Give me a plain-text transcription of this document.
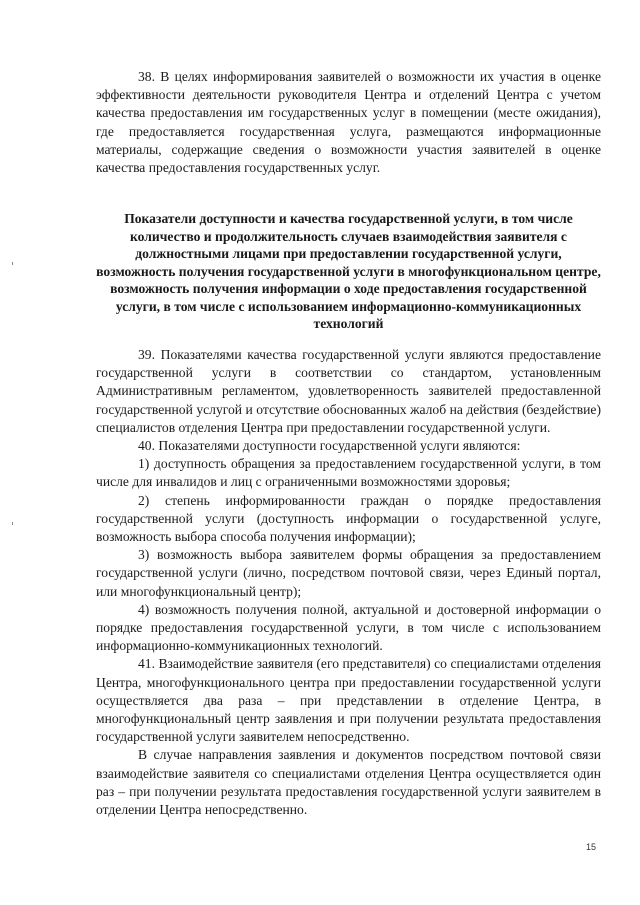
38. В целях информирования заявителей о возможности их участия в оценке эффективности деятельности руководителя Центра и отделений Центра с учетом качества предоставления им государственных услуг в помещении (месте ожидания), где предоставляется государственная услуга, размещаются информационные материалы, содержащие сведения о возможности участия заявителей в оценке качества предоставления государственных услуг.

Показатели доступности и качества государственной услуги, в том числе количество и продолжительность случаев взаимодействия заявителя с должностными лицами при предоставлении государственной услуги, возможность получения государственной услуги в многофункциональном центре, возможность получения информации о ходе предоставления государственной услуги, в том числе с использованием информационно-коммуникационных технологий

39. Показателями качества государственной услуги являются предоставление государственной услуги в соответствии со стандартом, установленным Административным регламентом, удовлетворенность заявителей предоставленной государственной услугой и отсутствие обоснованных жалоб на действия (бездействие) специалистов отделения Центра при предоставлении государственной услуги.

40. Показателями доступности государственной услуги являются:

1) доступность обращения за предоставлением государственной услуги, в том числе для инвалидов и лиц с ограниченными возможностями здоровья;

2) степень информированности граждан о порядке предоставления государственной услуги (доступность информации о государственной услуге, возможность выбора способа получения информации);

3) возможность выбора заявителем формы обращения за предоставлением государственной услуги (лично, посредством почтовой связи, через Единый портал, или многофункциональный центр);

4) возможность получения полной, актуальной и достоверной информации о порядке предоставления государственной услуги, в том числе с использованием информационно-коммуникационных технологий.

41. Взаимодействие заявителя (его представителя) со специалистами отделения Центра, многофункционального центра при предоставлении государственной услуги осуществляется два раза – при представлении в отделение Центра, в многофункциональный центр заявления и при получении результата предоставления государственной услуги заявителем непосредственно.

В случае направления заявления и документов посредством почтовой связи взаимодействие заявителя со специалистами отделения Центра осуществляется один раз – при получении результата предоставления государственной услуги заявителем в отделении Центра непосредственно.

15
